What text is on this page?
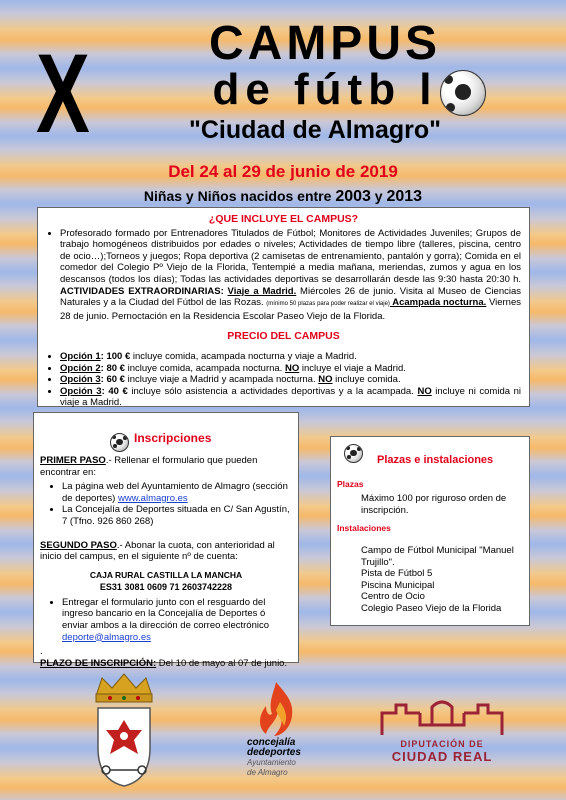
X	CAMPUS
de fútb l
"Ciudad de Almagro"
Del 24 al 29 de junio de 2019
Niñas y Niños nacidos entre 2003 y 2013
¿QUE INCLUYE EL CAMPUS?
• Profesorado formado por Entrenadores Titulados de Fútbol; Monitores de Actividades Juveniles; Grupos de trabajo homogéneos distribuidos por edades o niveles; Actividades de tiempo libre (talleres, piscina, centro de ocio…);Torneos y juegos; Ropa deportiva (2 camisetas de entrenamiento, pantalón y gorra); Comida en el comedor del Colegio Pº Viejo de la Florida, Tentempié a media mañana, meriendas, zumos y agua en los descansos (todos los días); Todas las actividades deportivas se desarrollarán desde las 9:30 hasta 20:30 h. ACTIVIDADES EXTRAORDINARIAS: Viaje a Madrid. Miércoles 26 de junio. Visita al Museo de Ciencias Naturales y a la Ciudad del Fútbol de las Rozas. (mínimo 50 plazas para poder realizar el viaje) Acampada nocturna. Viernes 28 de junio. Pernoctación en la Residencia Escolar Paseo Viejo de la Florida.
PRECIO DEL CAMPUS
• Opción 1: 100 € incluye comida, acampada nocturna y viaje a Madrid.
• Opción 2: 80 € incluye comida, acampada nocturna. NO incluye el viaje a Madrid.
• Opción 3: 60 € incluye viaje a Madrid y acampada nocturna. NO incluye comida.
• Opción 3: 40 € incluye sólo asistencia a actividades deportivas y a la acampada. NO incluye ni comida ni viaje a Madrid.
Inscripciones

PRIMER PASO.- Rellenar el formulario que pueden encontrar en:

• La página web del Ayuntamiento de Almagro (sección de deportes) www.almagro.es
• La Concejalía de Deportes situada en C/ San Agustín, 7 (Tfno. 926 860 268)

SEGUNDO PASO.- Abonar la cuota, con anterioridad al inicio del campus, en el siguiente nº de cuenta:

CAJA RURAL CASTILLA LA MANCHA
ES31 3081 0609 71 2603742228
• Entregar el formulario junto con el resguardo del ingreso bancario en la Concejalía de Deportes ó enviar ambos a la dirección de correo electrónico deporte@almagro.es

.

PLAZO DE INSCRIPCIÓN: Del 10 de mayo al 07 de junio.

Plazas e instalaciones
Plazas
Máximo 100 por riguroso orden de inscripción.
Instalaciones
Campo de Fútbol Municipal "Manuel Trujillo".
Pista de Fútbol 5
Piscina Municipal
Centro de Ocio
Colegio Paseo Viejo de la Florida
concejalía
dedeportes
Ayuntamiento
de Almagro
DIPUTACIÓN DE
CIUDAD REAL
